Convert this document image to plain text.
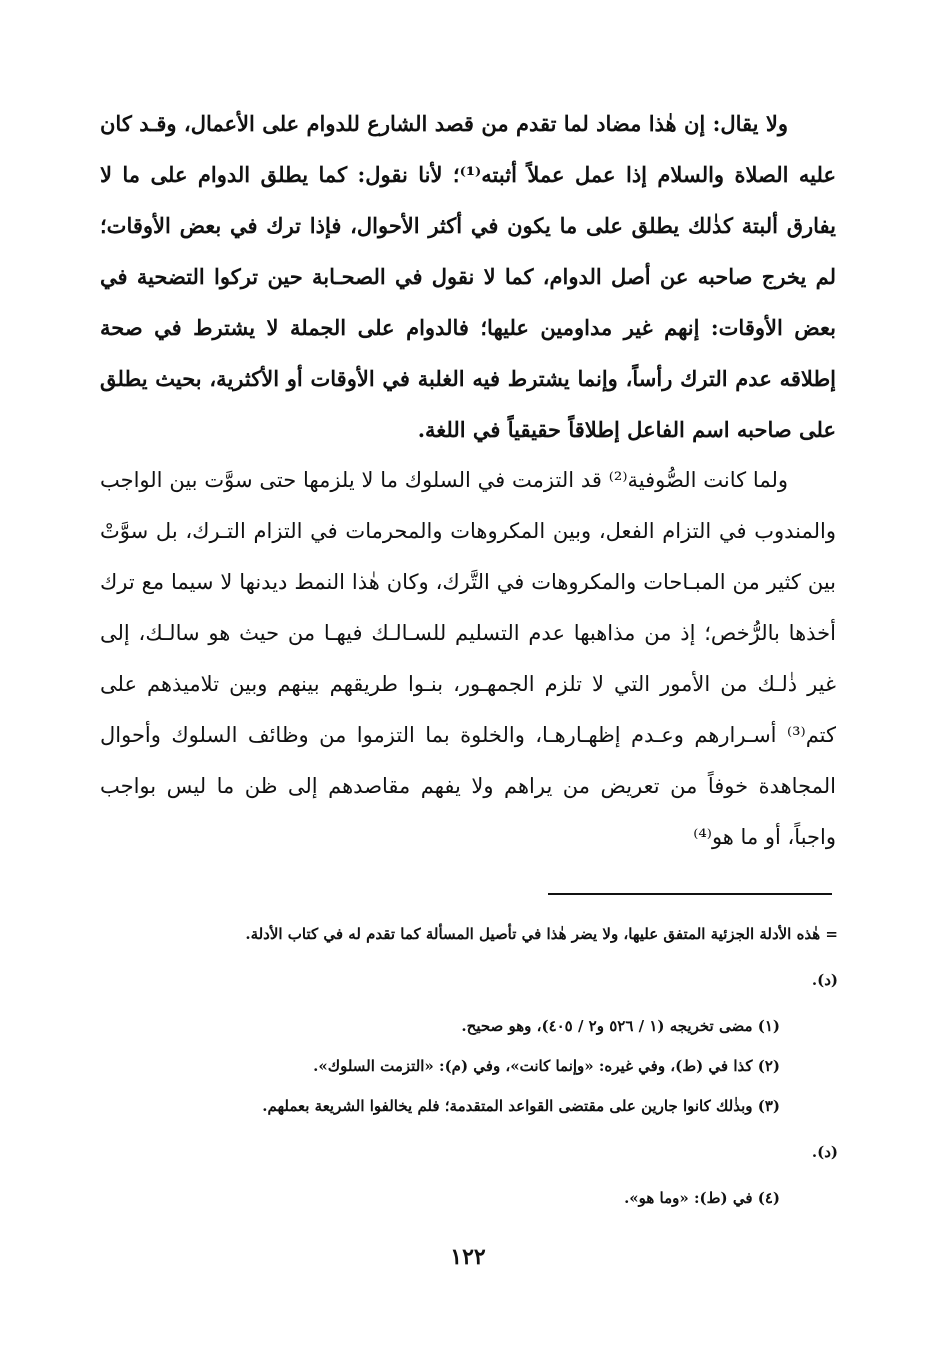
ولا يقال: إن هٰذا مضاد لما تقدم من قصد الشارع للدوام على الأعمال، وقـد كان عليه الصلاة والسلام إذا عمل عملاً أثبته⁽¹⁾؛ لأنا نقول: كما يطلق الدوام على ما لا يفارق ألبتة كذٰلك يطلق على ما يكون في أكثر الأحوال، فإذا ترك في بعض الأوقات؛ لم يخرج صاحبه عن أصل الدوام، كما لا نقول في الصحـابة حين تركوا التضحية في بعض الأوقات: إنهم غير مداومين عليها؛ فالدوام على الجملة لا يشترط في صحة إطلاقه عدم الترك رأساً، وإنما يشترط فيه الغلبة في الأوقات أو الأكثرية، بحيث يطلق على صاحبه اسم الفاعل إطلاقاً حقيقياً في اللغة.

ولما كانت الصُّوفية⁽²⁾ قد التزمت في السلوك ما لا يلزمها حتى سوَّت بين الواجب والمندوب في التزام الفعل، وبين المكروهات والمحرمات في التزام التـرك، بل سوَّتْ بين كثير من المبـاحات والمكروهات في التَّرك، وكان هٰذا النمط ديدنها لا سيما مع ترك أخذها بالرُّخص؛ إذ من مذاهبها عدم التسليم للسـالـك فيهـا من حيث هو سالـك، إلى غير ذٰلـك من الأمور التي لا تلزم الجمهـور، بنـوا طريقهم بينهم وبين تلاميذهم على كتم⁽³⁾ أسـرارهم وعـدم إظهـارهـا، والخلوة بما التزموا من وظائف السلوك وأحوال المجاهدة خوفاً من تعريض من يراهم ولا يفهم مقاصدهم إلى ظن ما ليس بواجب واجباً، أو ما هو⁽⁴⁾

= هٰذه الأدلة الجزئية المتفق عليها، ولا يضر هٰذا في تأصيل المسألة كما تقدم له في كتاب الأدلة.
(د).
(١) مضى تخريجه (١ / ٥٢٦ و٢ / ٤٠٥)، وهو صحيح.
(٢) كذا في (ط)، وفي غيره: «وإنما كانت»، وفي (م): «التزمت السلوك».
(٣) وبذٰلك كانوا جارين على مقتضى القواعد المتقدمة؛ فلم يخالفوا الشريعة بعملهم.
(د).
(٤) في (ط): «وما هو».
١٢٢
